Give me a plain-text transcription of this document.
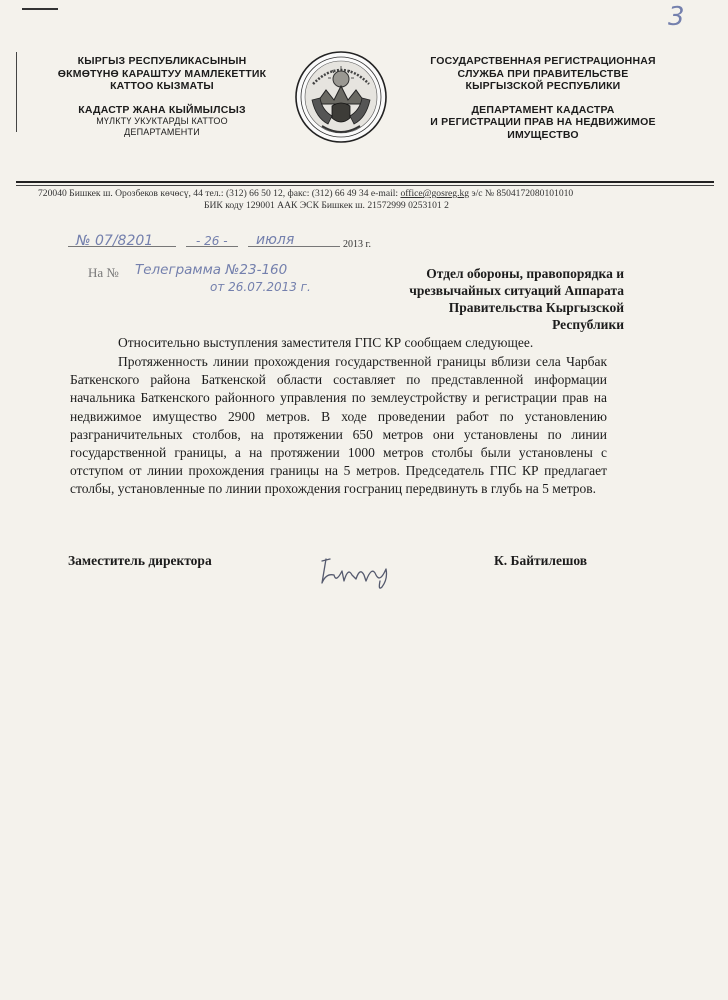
3
КЫРГЫЗ РЕСПУБЛИКАСЫНЫН
ӨКМӨТҮНӨ КАРАШТУУ МАМЛЕКЕТТИК
КАТТОО КЫЗМАТЫ
КАДАСТР ЖАНА КЫЙМЫЛСЫЗ
МҮЛКТҮ УКУКТАРДЫ КАТТОО
ДЕПАРТАМЕНТИ
ГОСУДАРСТВЕННАЯ РЕГИСТРАЦИОННАЯ
СЛУЖБА ПРИ ПРАВИТЕЛЬСТВЕ
КЫРГЫЗСКОЙ РЕСПУБЛИКИ
ДЕПАРТАМЕНТ КАДАСТРА
И РЕГИСТРАЦИИ ПРАВ НА НЕДВИЖИМОЕ
ИМУЩЕСТВО
720040 Бишкек ш. Орозбеков көчөсү, 44 тел.: (312) 66 50 12, факс: (312) 66 49 34 e-mail: office@gosreg.kg э/с № 8504172080101010
БИК коду 129001 ААК ЭСК Бишкек ш. 21572999 0253101 2
№ 07/8201	- 26 - июля	2013 г.
На № Телеграмма №23-160
от 26.07.2013 г.
Отдел обороны, правопорядка и
чрезвычайных ситуаций Аппарата
Правительства Кыргызской Республики
Относительно выступления заместителя ГПС КР сообщаем следующее.

Протяженность линии прохождения государственной границы вблизи села Чарбак Баткенского района Баткенской области составляет по представленной информации начальника Баткенского районного управления по землеустройству и регистрации прав на недвижимое имущество 2900 метров. В ходе проведении работ по установлению разграничительных столбов, на протяжении 650 метров они установлены по линии государственной границы, а на протяжении 1000 метров столбы были установлены с отступом от линии прохождения границы на 5 метров. Председатель ГПС КР предлагает столбы, установленные по линии прохождения госграниц передвинуть в глубь на 5 метров.

Заместитель директора	К. Байтилешов
